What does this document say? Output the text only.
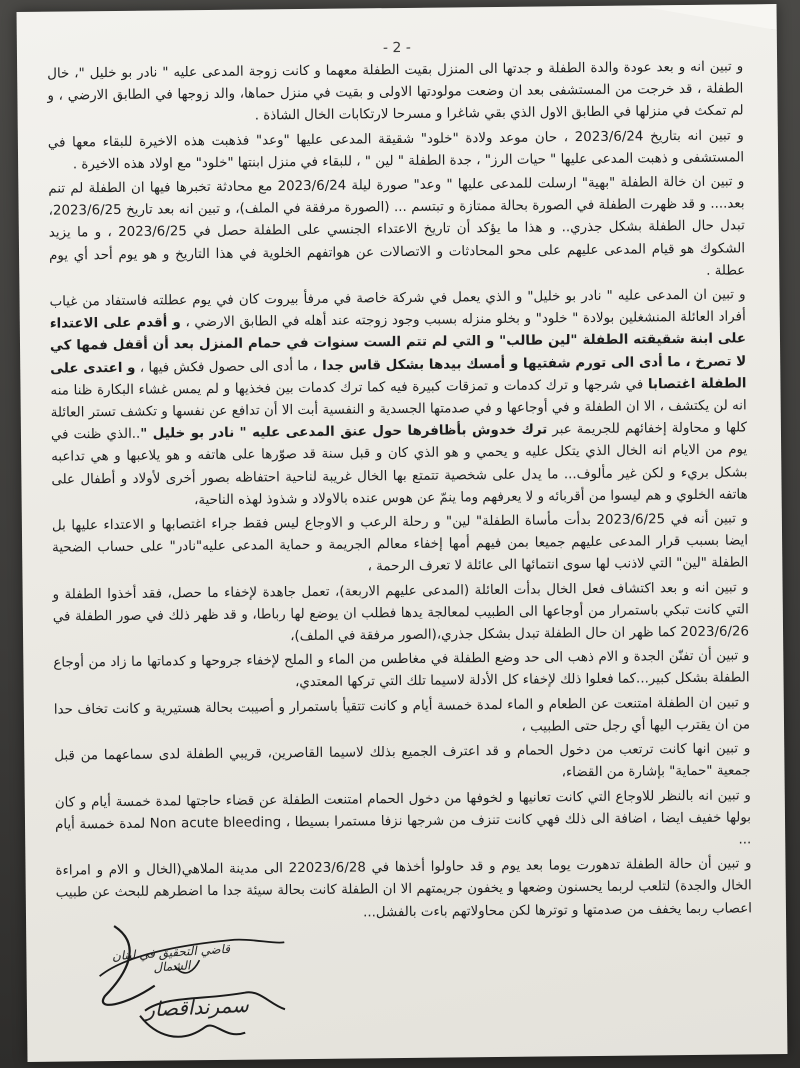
- 2 -

و تبين انه و بعد عودة والدة الطفلة و جدتها الى المنزل بقيت الطفلة معهما و كانت زوجة المدعى عليه " نادر بو خليل "، خال الطفلة ، قد خرجت من المستشفى بعد ان وضعت مولودتها الاولى و بقيت في منزل حماها، والد زوجها في الطابق الارضي ، و لم تمكث في منزلها في الطابق الاول الذي بقي شاغرا و مسرحا لارتكابات الخال الشاذة .

و تبين انه بتاريخ 2023/6/24 ، حان موعد ولادة "خلود" شقيقة المدعى عليها "وعد" فذهبت هذه الاخيرة للبقاء معها في المستشفى و ذهبت المدعى عليها " حيات الرز" ، جدة الطفلة " لين " ، للبقاء في منزل ابنتها "خلود" مع اولاد هذه الاخيرة .

و تبين ان خالة الطفلة "بهية" ارسلت للمدعى عليها " وعد" صورة ليلة 2023/6/24 مع محادثة تخبرها فيها ان الطفلة لم تنم بعد.... و قد ظهرت الطفلة في الصورة بحالة ممتازة و تبتسم ... (الصورة مرفقة في الملف)، و تبين انه بعد تاريخ 2023/6/25، تبدل حال الطفلة بشكل جذري.. و هذا ما يؤكد أن تاريخ الاعتداء الجنسي على الطفلة حصل في 2023/6/25 ، و ما يزيد الشكوك هو قيام المدعى عليهم على محو المحادثات و الاتصالات عن هواتفهم الخلوية في هذا التاريخ و هو يوم أحد أي يوم عطلة .

و تبين ان المدعى عليه " نادر بو خليل" و الذي يعمل في شركة خاصة في مرفأ بيروت كان في يوم عطلته فاستفاد من غياب أفراد العائلة المنشغلين بولادة " خلود" و بخلو منزله بسبب وجود زوجته عند أهله في الطابق الارضي ، و أقدم على الاعتداء على ابنة شقيقته الطفلة "لين طالب" و التي لم تتم الست سنوات في حمام المنزل بعد أن أقفل فمها كي لا تصرخ ، ما أدى الى تورم شفتيها و أمسك بيدها بشكل قاس جدا ، ما أدى الى حصول فكش فيها ، و اعتدى على الطفلة اغتصابا في شرجها و ترك كدمات و تمزقات كبيرة فيه كما ترك كدمات بين فخذيها و لم يمس غشاء البكارة ظنا منه انه لن يكتشف ، الا ان الطفلة و في أوجاعها و في صدمتها الجسدية و النفسية أبت الا أن تدافع عن نفسها و تكشف تستر العائلة كلها و محاولة إخفائهم للجريمة عبر ترك خدوش بأظافرها حول عنق المدعى عليه " نادر بو خليل "..الذي ظنت في يوم من الايام انه الخال الذي يتكل عليه و يحمي و هو الذي كان و قبل سنة قد صوّرها على هاتفه و هو يلاعبها و هي تداعبه بشكل بريء و لكن غير مألوف... ما يدل على شخصية تتمتع بها الخال غريبة لناحية احتفاظه بصور أخرى لأولاد و أطفال على هاتفه الخلوي و هم ليسوا من أقربائه و لا يعرفهم وما ينمّ عن هوس عنده بالاولاد و شذوذ لهذه الناحية،

و تبين أنه في 2023/6/25 بدأت مأساة الطفلة" لين" و رحلة الرعب و الاوجاع ليس فقط جراء اغتصابها و الاعتداء عليها بل ايضا بسبب قرار المدعى عليهم جميعا بمن فيهم أمها إخفاء معالم الجريمة و حماية المدعى عليه"نادر" على حساب الضحية الطفلة "لين" التي لاذنب لها سوى انتمائها الى عائلة لا تعرف الرحمة ،

و تبين انه و بعد اكتشاف فعل الخال بدأت العائلة (المدعى عليهم الاربعة)، تعمل جاهدة لإخفاء ما حصل، فقد أخذوا الطفلة و التي كانت تبكي باستمرار من أوجاعها الى الطبيب لمعالجة يدها فطلب ان يوضع لها رباطا، و قد ظهر ذلك في صور الطفلة في 2023/6/26 كما ظهر ان حال الطفلة تبدل بشكل جذري،(الصور مرفقة في الملف)،

و تبين أن تفنّن الجدة و الام ذهب الى حد وضع الطفلة في مغاطس من الماء و الملح لإخفاء جروحها و كدماتها ما زاد من أوجاع الطفلة بشكل كبير...كما فعلوا ذلك لإخفاء كل الأدلة لاسيما تلك التي تركها المعتدي،

و تبين ان الطفلة امتنعت عن الطعام و الماء لمدة خمسة أيام و كانت تتقيأ باستمرار و أصيبت بحالة هستيرية و كانت تخاف حدا من ان يقترب اليها أي رجل حتى الطبيب ،

و تبين انها كانت ترتعب من دخول الحمام و قد اعترف الجميع بذلك لاسيما القاصرين، قريبي الطفلة لدى سماعهما من قبل جمعية "حماية" بإشارة من القضاء،

و تبين انه بالنظر للاوجاع التي كانت تعانيها و لخوفها من دخول الحمام امتنعت الطفلة عن قضاء حاجتها لمدة خمسة أيام و كان بولها خفيف ايضا ، اضافة الى ذلك فهي كانت تنزف من شرجها نزفا مستمرا بسيطا ، Non acute bleeding لمدة خمسة أيام ...

و تبين أن حالة الطفلة تدهورت يوما بعد يوم و قد حاولوا أخذها في 22023/6/28 الى مدينة الملاهي(الخال و الام و امراءة الخال والجدة) لتلعب لربما يحسنون وضعها و يخفون جريمتهم الا ان الطفلة كانت بحالة سيئة جدا ما اضطرهم للبحث عن طبيب اعصاب ربما يخفف من صدمتها و توترها لكن محاولاتهم باءت بالفشل...

قاضي التحقيق في لبنان الشمال
سمرنداقصار
